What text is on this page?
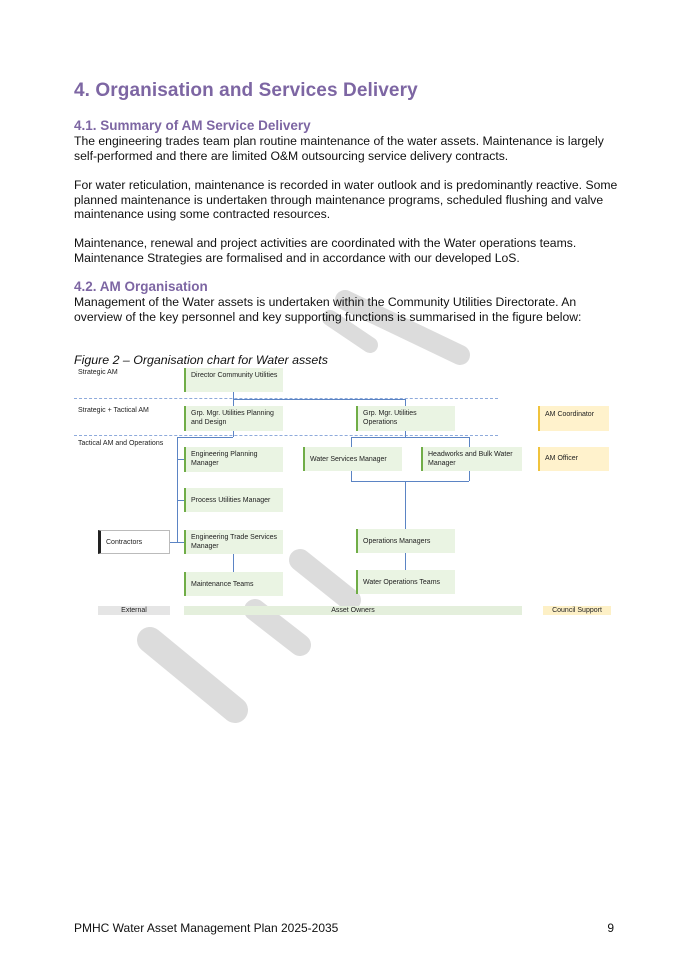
4. Organisation and Services Delivery
4.1. Summary of AM Service Delivery

The engineering trades team plan routine maintenance of the water assets. Maintenance is largely self-performed and there are limited O&M outsourcing service delivery contracts.

For water reticulation, maintenance is recorded in water outlook and is predominantly reactive. Some planned maintenance is undertaken through maintenance programs, scheduled flushing and valve maintenance using some contracted resources.

Maintenance, renewal and project activities are coordinated with the Water operations teams. Maintenance Strategies are formalised and in accordance with our developed LoS.

4.2. AM Organisation

Management of the Water assets is undertaken within the Community Utilities Directorate. An overview of the key personnel and key supporting functions is summarised in the figure below:

Figure 2 – Organisation chart for Water assets
Strategic AM
Strategic + Tactical AM
Tactical AM and Operations
Director Community Utilities
Grp. Mgr. Utilities Planning and Design
Grp. Mgr. Utilities Operations
AM Coordinator
Engineering Planning Manager
Water Services Manager
Headworks and Bulk Water Manager
AM Officer
Process Utilities Manager
Contractors
Engineering Trade Services Manager
Operations Managers
Maintenance Teams	Water Operations Teams
External	Asset Owners	Council Support
PMHC Water Asset Management Plan 2025-2035	9
